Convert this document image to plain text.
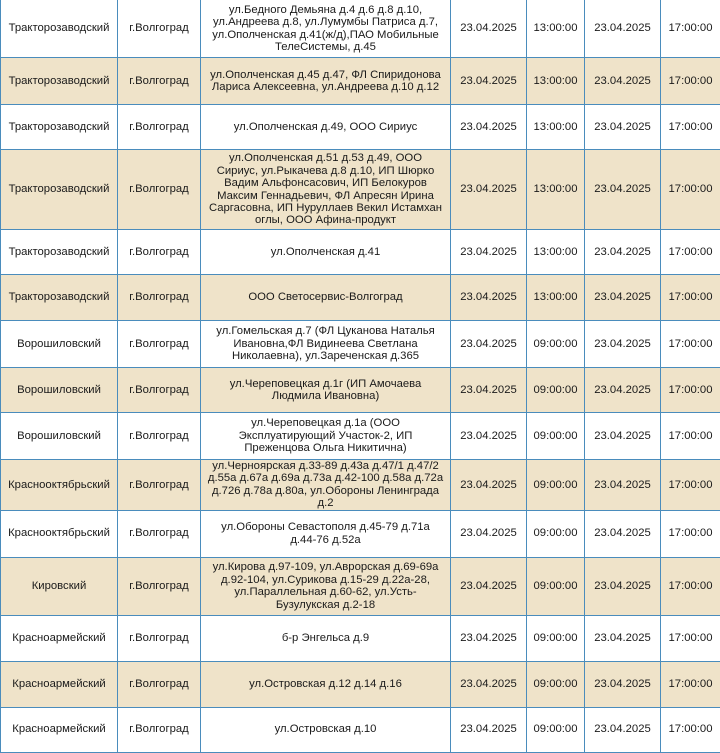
Тракторозаводский	г.Волгоград	ул.Бедного Демьяна д.4 д.6 д.8 д.10, ул.Андреева д.8, ул.Лумумбы Патриса д.7, ул.Ополченская д.41(ж/д),ПАО Мобильные ТелеСистемы, д.45	23.04.2025	13:00:00	23.04.2025	17:00:00
Тракторозаводский	г.Волгоград	ул.Ополченская д.45 д.47, ФЛ Спиридонова Лариса Алексеевна, ул.Андреева д.10 д.12	23.04.2025	13:00:00	23.04.2025	17:00:00
Тракторозаводский	г.Волгоград	ул.Ополченская д.49, ООО Сириус	23.04.2025	13:00:00	23.04.2025	17:00:00
Тракторозаводский	г.Волгоград	ул.Ополченская д.51 д.53 д.49, ООО Сириус, ул.Рыкачева д.8 д.10, ИП Шюрко Вадим Альфонсасович, ИП Белокуров Максим Геннадьевич, ФЛ Апресян Ирина Саргасовна, ИП Нуруллаев Векил Истамхан оглы, ООО Афина-продукт	23.04.2025	13:00:00	23.04.2025	17:00:00
Тракторозаводский	г.Волгоград	ул.Ополченская д.41	23.04.2025	13:00:00	23.04.2025	17:00:00
Тракторозаводский	г.Волгоград	ООО Светосервис-Волгоград	23.04.2025	13:00:00	23.04.2025	17:00:00
Ворошиловский	г.Волгоград	ул.Гомельская д.7 (ФЛ Цуканова Наталья Ивановна,ФЛ Видинеева Светлана Николаевна), ул.Зареченская д.365	23.04.2025	09:00:00	23.04.2025	17:00:00
Ворошиловский	г.Волгоград	ул.Череповецкая д.1г (ИП Амочаева Людмила Ивановна)	23.04.2025	09:00:00	23.04.2025	17:00:00
Ворошиловский	г.Волгоград	ул.Череповецкая д.1а (ООО Эксплуатирующий Участок-2, ИП Преженцова Ольга Никитична)	23.04.2025	09:00:00	23.04.2025	17:00:00
Краснооктябрьский	г.Волгоград	ул.Черноярская д.33-89 д.43а д.47/1 д.47/2 д.55а д.67а д.69а д.73а д.42-100 д.58а д.72а д.726 д.78а д.80а, ул.Обороны Ленинграда д.2	23.04.2025	09:00:00	23.04.2025	17:00:00
Краснооктябрьский	г.Волгоград	ул.Обороны Севастополя д.45-79 д.71а д.44-76 д.52а	23.04.2025	09:00:00	23.04.2025	17:00:00
Кировский	г.Волгоград	ул.Кирова д.97-109, ул.Аврорская д.69-69а д.92-104, ул.Сурикова д.15-29 д.22а-28, ул.Параллельная д.60-62, ул.Усть-Бузулукская д.2-18	23.04.2025	09:00:00	23.04.2025	17:00:00
Красноармейский	г.Волгоград	б-р Энгельса д.9	23.04.2025	09:00:00	23.04.2025	17:00:00
Красноармейский	г.Волгоград	ул.Островская д.12 д.14 д.16	23.04.2025	09:00:00	23.04.2025	17:00:00
Красноармейский	г.Волгоград	ул.Островская д.10	23.04.2025	09:00:00	23.04.2025	17:00:00
